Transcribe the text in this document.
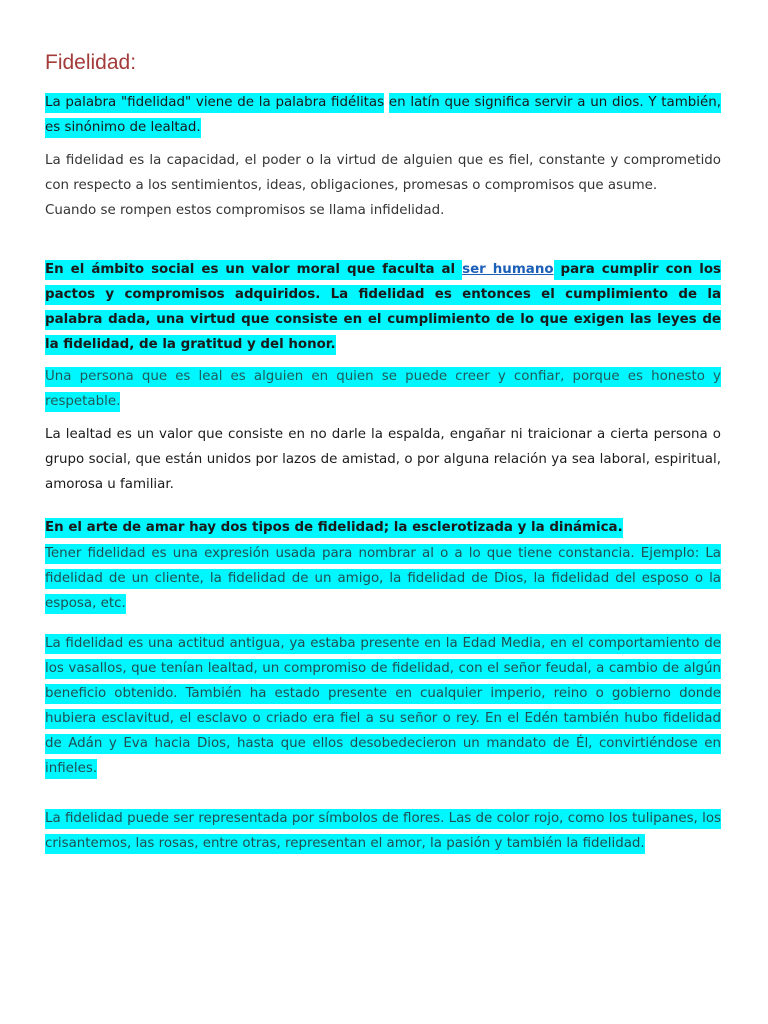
Fidelidad:

La palabra "fidelidad" viene de la palabra fidélitas en latín que significa servir a un dios. Y también, es sinónimo de lealtad.

La fidelidad es la capacidad, el poder o la virtud de alguien que es fiel, constante y comprometido con respecto a los sentimientos, ideas, obligaciones, promesas o compromisos que asume.
Cuando se rompen estos compromisos se llama infidelidad.

En el ámbito social es un valor moral que faculta al ser humano para cumplir con los pactos y compromisos adquiridos. La fidelidad es entonces el cumplimiento de la palabra dada, una virtud que consiste en el cumplimiento de lo que exigen las leyes de la fidelidad, de la gratitud y del honor.

Una persona que es leal es alguien en quien se puede creer y confiar, porque es honesto y respetable.

La lealtad es un valor que consiste en no darle la espalda, engañar ni traicionar a cierta persona o grupo social, que están unidos por lazos de amistad, o por alguna relación ya sea laboral, espiritual, amorosa u familiar.

En el arte de amar hay dos tipos de fidelidad; la esclerotizada y la dinámica.

Tener fidelidad es una expresión usada para nombrar al o a lo que tiene constancia. Ejemplo: La fidelidad de un cliente, la fidelidad de un amigo, la fidelidad de Dios, la fidelidad del esposo o la esposa, etc.

La fidelidad es una actitud antigua, ya estaba presente en la Edad Media, en el comportamiento de los vasallos, que tenían lealtad, un compromiso de fidelidad, con el señor feudal, a cambio de algún beneficio obtenido. También ha estado presente en cualquier imperio, reino o gobierno donde hubiera esclavitud, el esclavo o criado era fiel a su señor o rey. En el Edén también hubo fidelidad de Adán y Eva hacia Dios, hasta que ellos desobedecieron un mandato de Él, convirtiéndose en infieles.

La fidelidad puede ser representada por símbolos de flores. Las de color rojo, como los tulipanes, los crisantemos, las rosas, entre otras, representan el amor, la pasión y también la fidelidad.
